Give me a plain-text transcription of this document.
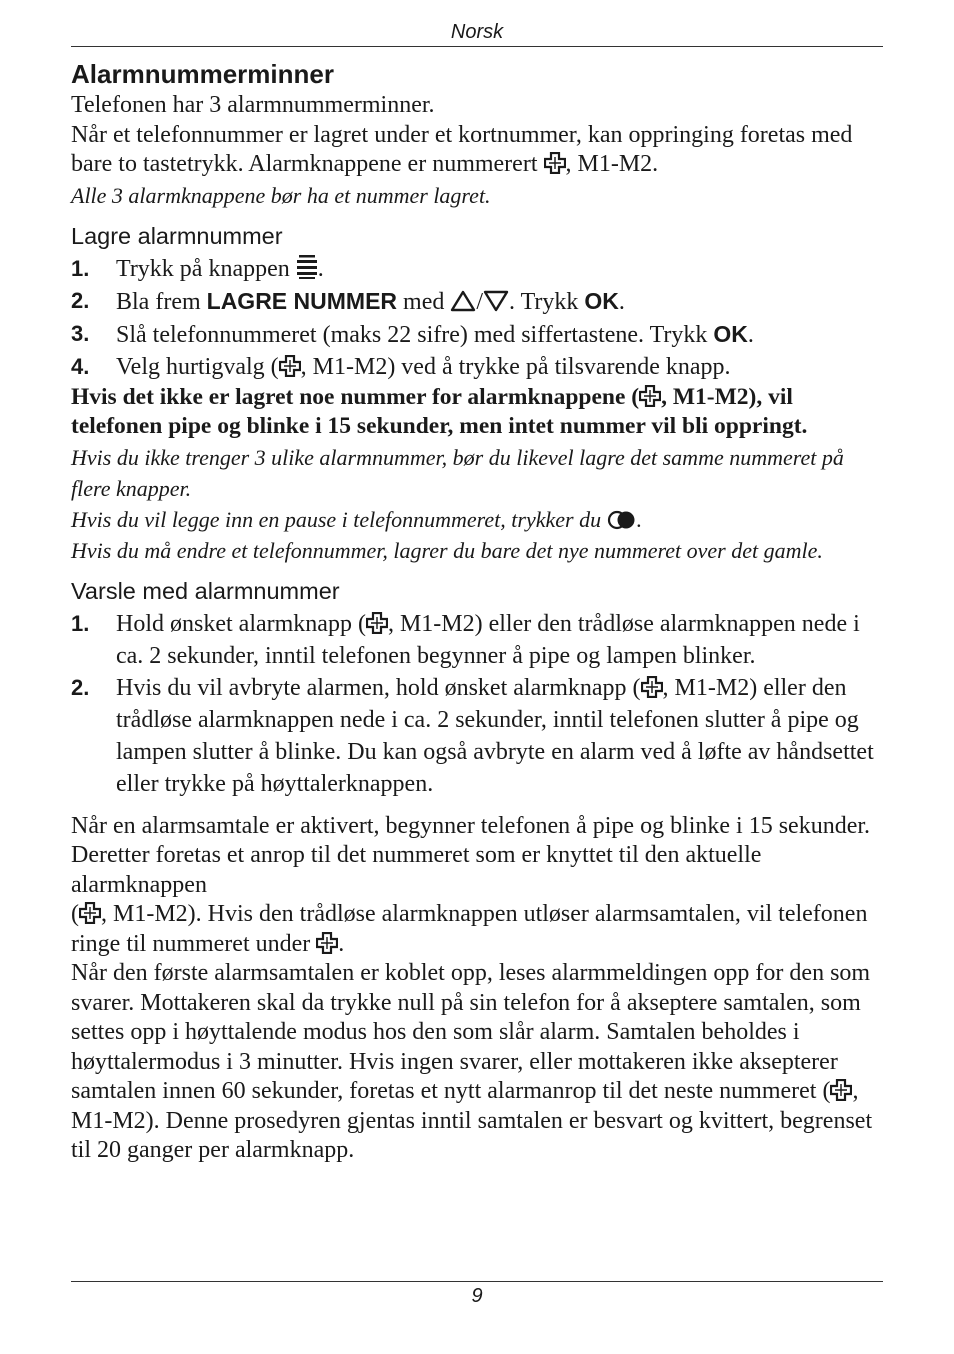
Norsk
Alarmnummerminner

Telefonen har 3 alarmnummerminner.

Når et telefonnummer er lagret under et kortnummer, kan oppringing foretas med bare to tastetrykk. Alarmknappene er nummerert , M1-M2.

Alle 3 alarmknappene bør ha et nummer lagret.

Lagre alarmnummer
1.	Trykk på knappen .
2.	Bla frem LAGRE NUMMER med / . Trykk OK.
3.	Slå telefonnummeret (maks 22 sifre) med siffertastene. Trykk OK.
4.	Velg hurtigvalg ( , M1-M2) ved å trykke på tilsvarende knapp.

Hvis det ikke er lagret noe nummer for alarmknappene ( , M1-M2), vil telefonen pipe og blinke i 15 sekunder, men intet nummer vil bli oppringt.

Hvis du ikke trenger 3 ulike alarmnummer, bør du likevel lagre det samme nummeret på flere knapper.

Hvis du vil legge inn en pause i telefonnummeret, trykker du .

Hvis du må endre et telefonnummer, lagrer du bare det nye nummeret over det gamle.

Varsle med alarmnummer
1.	Hold ønsket alarmknapp ( , M1-M2) eller den trådløse alarmknappen nede i ca. 2 sekunder, inntil telefonen begynner å pipe og lampen blinker.
2.	Hvis du vil avbryte alarmen, hold ønsket alarmknapp ( , M1-M2) eller den trådløse alarmknappen nede i ca. 2 sekunder, inntil telefonen slutter å pipe og lampen slutter å blinke. Du kan også avbryte en alarm ved å løfte av håndsettet eller trykke på høyttalerknappen.

Når en alarmsamtale er aktivert, begynner telefonen å pipe og blinke i 15 sekunder. Deretter foretas et anrop til det nummeret som er knyttet til den aktuelle alarmknappen

( , M1-M2). Hvis den trådløse alarmknappen utløser alarmsamtalen, vil telefonen ringe til nummeret under .

Når den første alarmsamtalen er koblet opp, leses alarmmeldingen opp for den som svarer. Mottakeren skal da trykke null på sin telefon for å akseptere samtalen, som settes opp i høyttalende modus hos den som slår alarm. Samtalen beholdes i høyttalermodus i 3 minutter. Hvis ingen svarer, eller mottakeren ikke aksepterer samtalen innen 60 sekunder, foretas et nytt alarmanrop til det neste nummeret ( , M1-M2). Denne prosedyren gjentas inntil samtalen er besvart og kvittert, begrenset til 20 ganger per alarmknapp.

9
